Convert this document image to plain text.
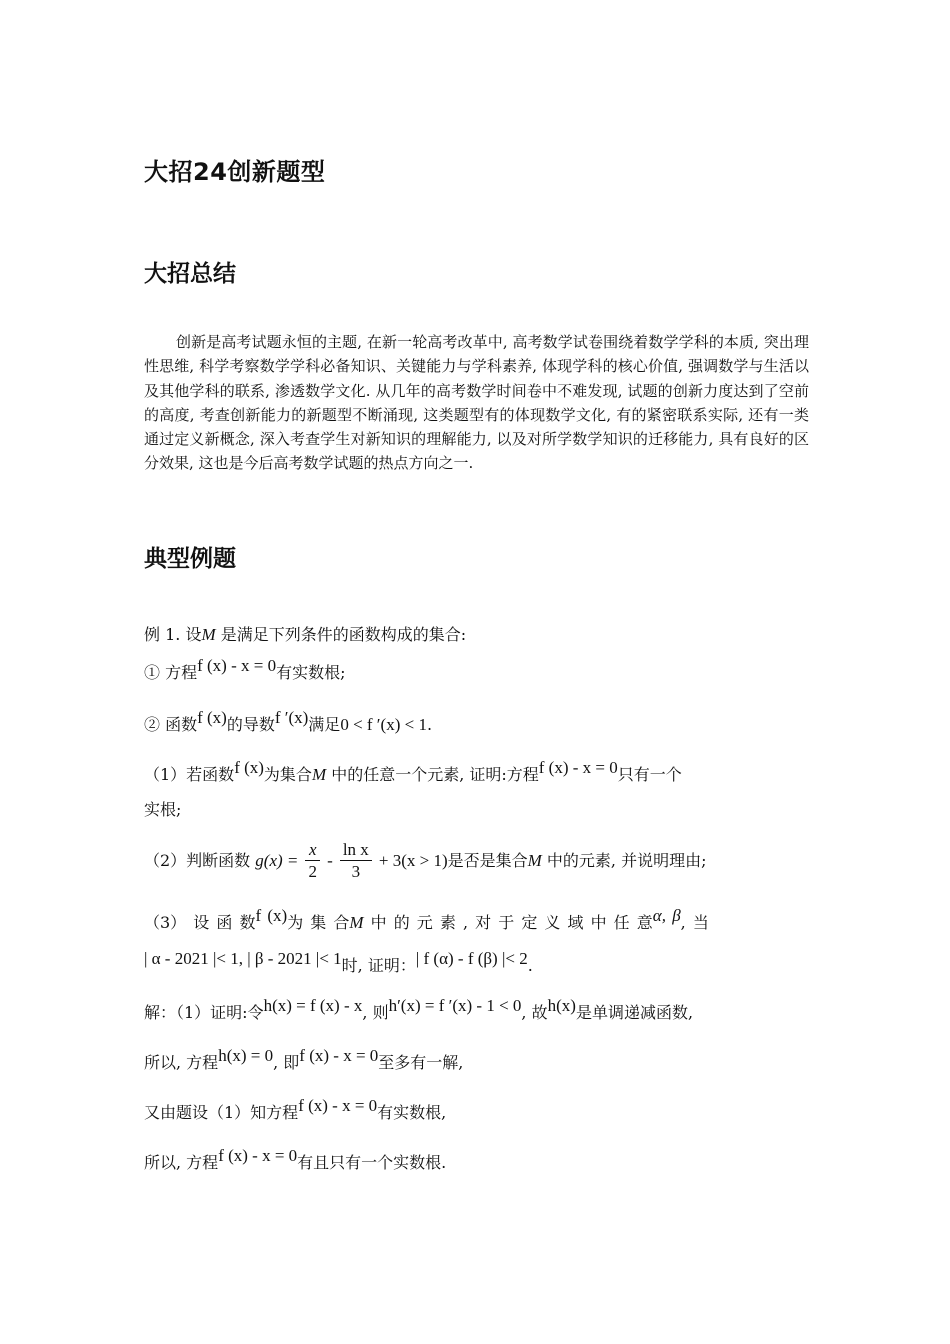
大招24创新题型
大招总结

创新是高考试题永恒的主题, 在新一轮高考改革中, 高考数学试卷围绕着数学学科的本质, 突出理性思维, 科学考察数学学科必备知识、关键能力与学科素养, 体现学科的核心价值, 强调数学与生活以及其他学科的联系, 渗透数学文化. 从几年的高考数学时间卷中不难发现, 试题的创新力度达到了空前的高度, 考查创新能力的新题型不断涌现, 这类题型有的体现数学文化, 有的紧密联系实际, 还有一类通过定义新概念, 深入考查学生对新知识的理解能力, 以及对所学数学知识的迁移能力, 具有良好的区分效果, 这也是今后高考数学试题的热点方向之一.

典型例题
例 1. 设M 是满足下列条件的函数构成的集合:
① 方程f (x) - x = 0有实数根;
② 函数f (x)的导数f ′(x)满足0 < f ′(x) < 1.
（1）若函数f (x)为集合M 中的任意一个元素, 证明:方程f (x) - x = 0只有一个
实根;
（2）判断函数 $g(x) = \frac{x}{2} - \frac{\text{ln x}}{3} + 3(x > 1)$是否是集合M 中的元素, 并说明理由;
（3） 设 函 数f (x)为 集 合M 中 的 元 素 , 对 于 定 义 域 中 任 意α, β, 当
| α - 2021 |< 1, | β - 2021 |< 1时, 证明：| f (α) - f (β) |< 2.
解：（1）证明:令h(x) = f (x) - x, 则h′(x) = f ′(x) - 1 < 0, 故h(x)是单调递减函数,
所以, 方程h(x) = 0, 即f (x) - x = 0至多有一解,
又由题设（1）知方程f (x) - x = 0有实数根,
所以, 方程f (x) - x = 0有且只有一个实数根.
